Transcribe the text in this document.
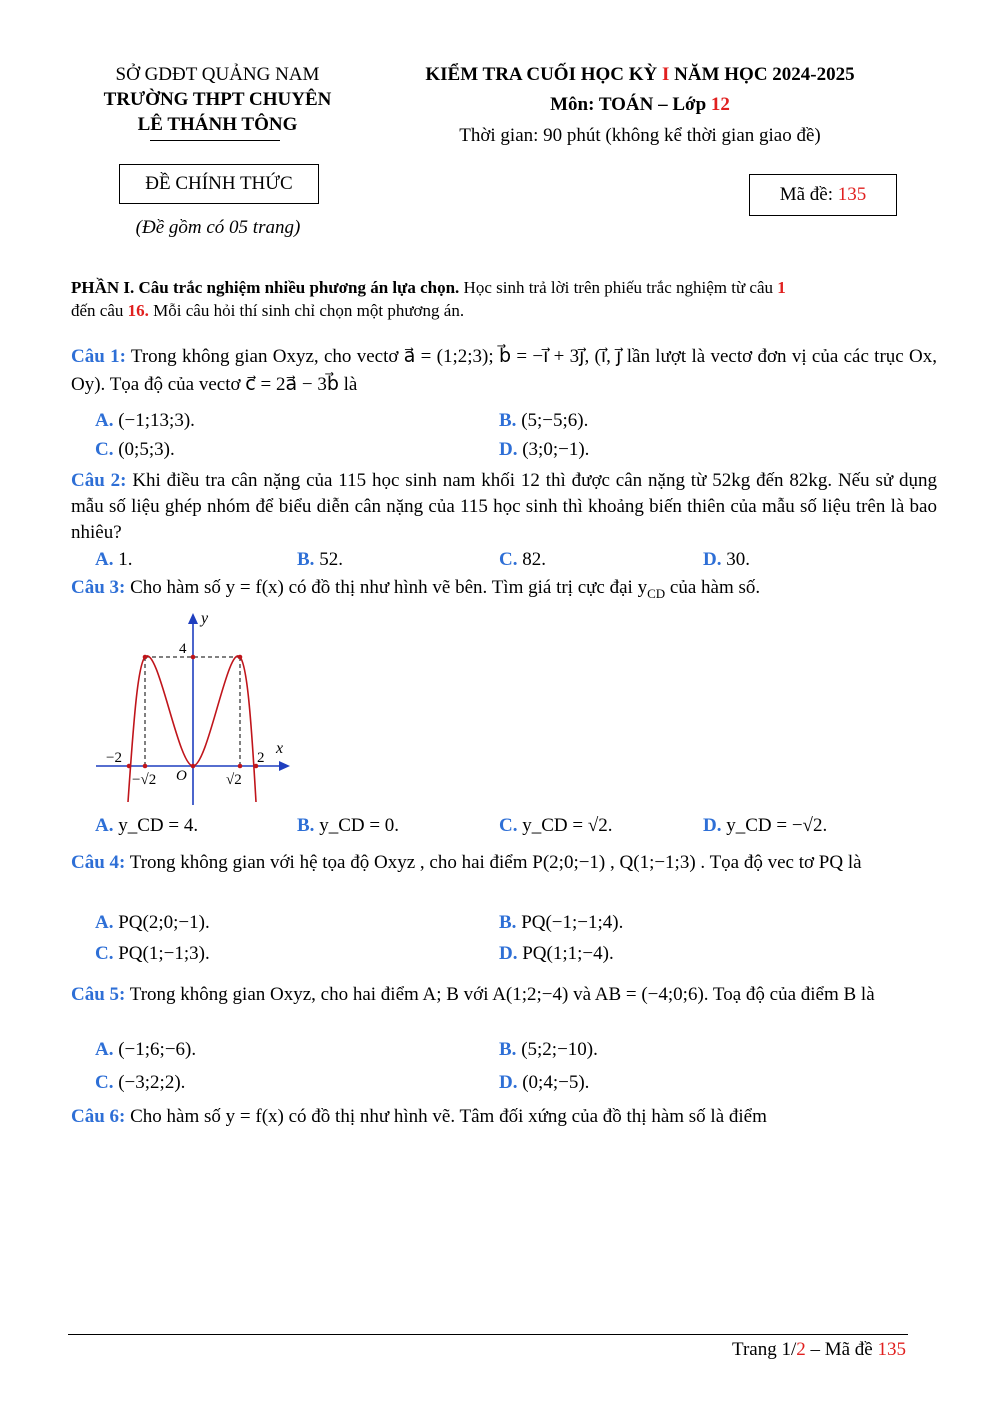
SỞ GDĐT QUẢNG NAM
TRƯỜNG THPT CHUYÊN
LÊ THÁNH TÔNG
KIỂM TRA CUỐI HỌC KỲ I NĂM HỌC 2024-2025
Môn: TOÁN – Lớp 12
Thời gian: 90 phút (không kể thời gian giao đề)
ĐỀ CHÍNH THỨC
Mã đề: 135
(Đề gồm có 05 trang)
PHẦN I. Câu trắc nghiệm nhiều phương án lựa chọn. Học sinh trả lời trên phiếu trắc nghiệm từ câu 1
đến câu 16. Mỗi câu hỏi thí sinh chỉ chọn một phương án.
Câu 1: Trong không gian Oxyz, cho vectơ a⃗ = (1;2;3); b⃗ = −i⃗ + 3j⃗, (i⃗, j⃗ lần lượt là vectơ đơn vị của các trục Ox, Oy). Tọa độ của vectơ c⃗ = 2a⃗ − 3b⃗ là
A. (−1;13;3).	B. (5;−5;6).
C. (0;5;3).	D. (3;0;−1).
Câu 2: Khi điều tra cân nặng của 115 học sinh nam khối 12 thì được cân nặng từ 52kg đến 82kg. Nếu sử dụng mẫu số liệu ghép nhóm để biểu diễn cân nặng của 115 học sinh thì khoảng biến thiên của mẫu số liệu trên là bao nhiêu?
A. 1.	B. 52.	C. 82.	D. 30.
Câu 3: Cho hàm số y = f(x) có đồ thị như hình vẽ bên. Tìm giá trị cực đại $y_{CD}$ của hàm số.
y
x
4
−2	2
−√2 O	√2
A. y_CD = 4.	B. y_CD = 0.	C. y_CD = √2.	D. y_CD = −√2.
Câu 4: Trong không gian với hệ tọa độ Oxyz , cho hai điểm P(2;0;−1) , Q(1;−1;3) . Tọa độ vec tơ PQ là
A. PQ(2;0;−1).	B. PQ(−1;−1;4).
C. PQ(1;−1;3).	D. PQ(1;1;−4).
Câu 5: Trong không gian Oxyz, cho hai điểm A; B với A(1;2;−4) và AB = (−4;0;6). Toạ độ của điểm B là
A. (−1;6;−6).	B. (5;2;−10).
C. (−3;2;2).	D. (0;4;−5).
Câu 6: Cho hàm số y = f(x) có đồ thị như hình vẽ. Tâm đối xứng của đồ thị hàm số là điểm
Trang 1/2 – Mã đề 135
